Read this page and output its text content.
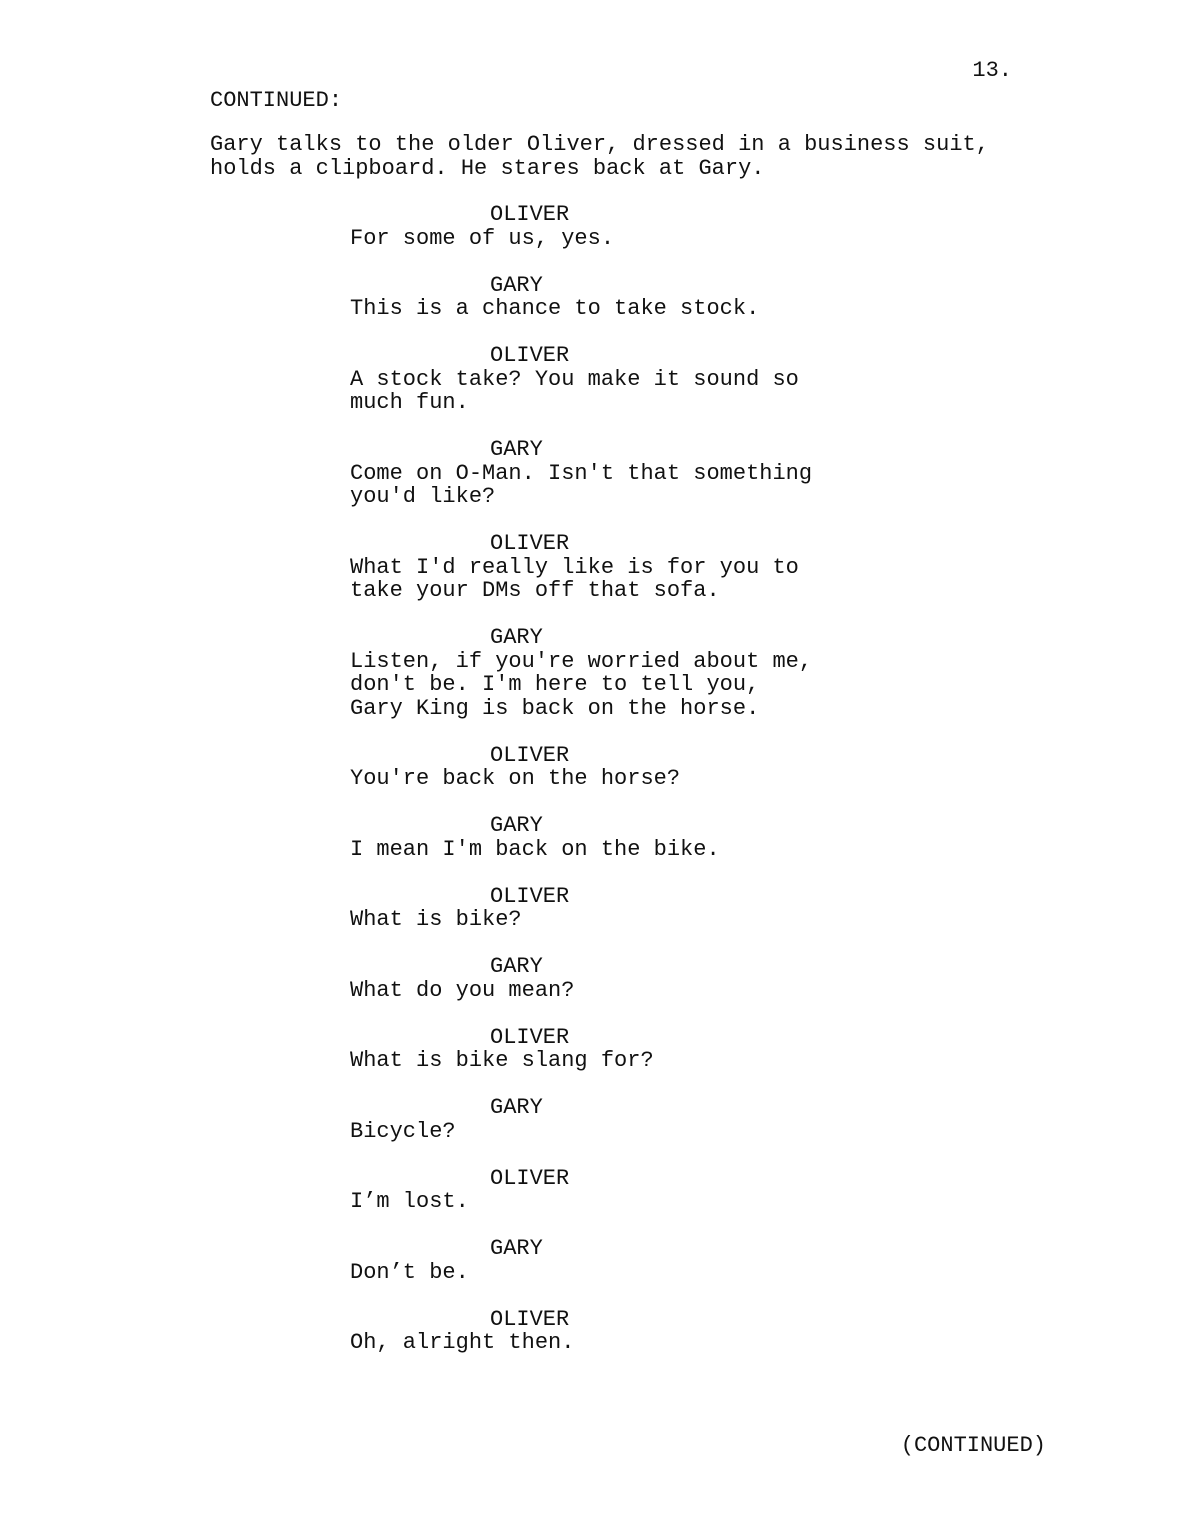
13.
CONTINUED:
Gary talks to the older Oliver, dressed in a business suit,
holds a clipboard. He stares back at Gary.
OLIVER
For some of us, yes.
GARY
This is a chance to take stock.
OLIVER
A stock take? You make it sound so
much fun.
GARY
Come on O-Man. Isn't that something
you'd like?
OLIVER
What I'd really like is for you to
take your DMs off that sofa.
GARY
Listen, if you're worried about me,
don't be. I'm here to tell you,
Gary King is back on the horse.
OLIVER
You're back on the horse?
GARY
I mean I'm back on the bike.
OLIVER
What is bike?
GARY
What do you mean?
OLIVER
What is bike slang for?
GARY
Bicycle?
OLIVER
I’m lost.
GARY
Don’t be.
OLIVER
Oh, alright then.
(CONTINUED)
